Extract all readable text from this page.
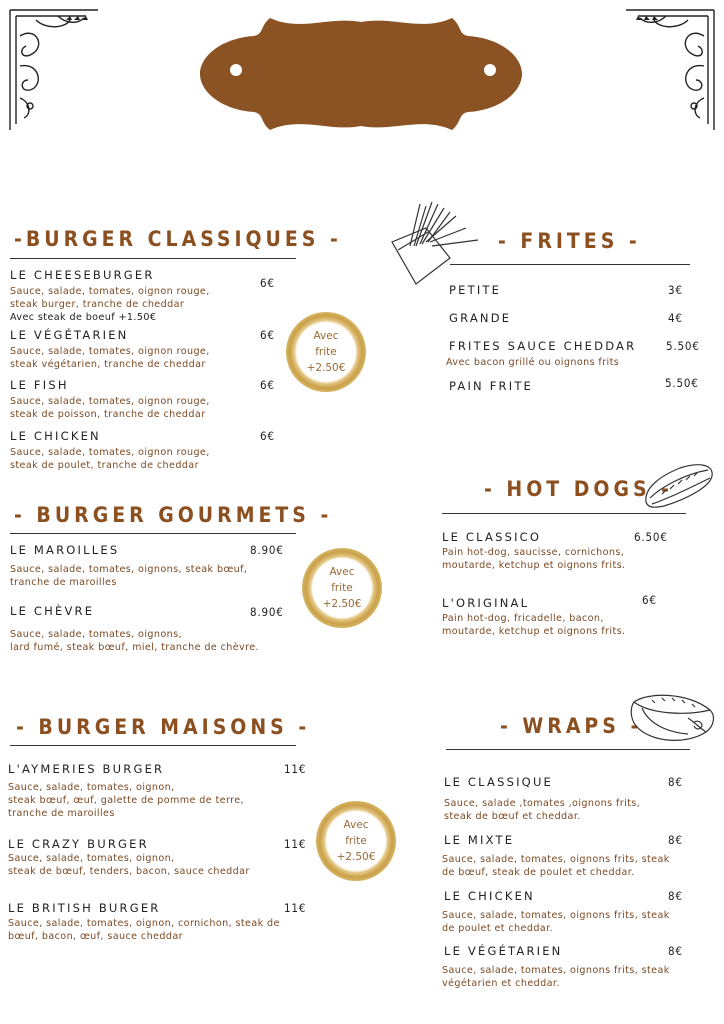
-BURGER CLASSIQUES -
LE CHEESEBURGER
6€
Sauce, salade, tomates, oignon rouge,
steak burger, tranche de cheddar
Avec steak de boeuf +1.50€
LE VÉGÉTARIEN	6€
Sauce, salade, tomates, oignon rouge,
steak végétarien, tranche de cheddar
LE FISH	6€
Sauce, salade, tomates, oignon rouge,
steak de poisson, tranche de cheddar
LE CHICKEN	6€
Sauce, salade, tomates, oignon rouge,
steak de poulet, tranche de cheddar
Avec
frite
+2.50€
- BURGER GOURMETS -
LE MAROILLES	8.90€
Sauce, salade, tomates, oignons, steak bœuf,
tranche de maroilles
LE CHÈVRE	8.90€
Sauce, salade, tomates, oignons,
lard fumé, steak bœuf, miel, tranche de chèvre.
Avec
frite
+2.50€
- BURGER MAISONS -
L'AYMERIES BURGER	11€
Sauce, salade, tomates, oignon,
steak bœuf, œuf, galette de pomme de terre,
tranche de maroilles
LE CRAZY BURGER	11€
Sauce, salade, tomates, oignon,
steak de bœuf, tenders, bacon, sauce cheddar
LE BRITISH BURGER	11€
Sauce, salade, tomates, oignon, cornichon, steak de
bœuf, bacon, œuf, sauce cheddar
Avec
frite
+2.50€
- FRITES -
PETITE	3€
GRANDE	4€
FRITES SAUCE CHEDDAR	5.50€
Avec bacon grillé ou oignons frits
PAIN FRITE	5.50€
- HOT DOGS -
LE CLASSICO	6.50€
Pain hot-dog, saucisse, cornichons,
moutarde, ketchup et oignons frits.
L'ORIGINAL	6€
Pain hot-dog, fricadelle, bacon,
moutarde, ketchup et oignons frits.
- WRAPS -
LE CLASSIQUE	8€
Sauce, salade ,tomates ,oignons frits,
steak de bœuf et cheddar.
LE MIXTE	8€
Sauce, salade, tomates, oignons frits, steak
de bœuf, steak de poulet et cheddar.
LE CHICKEN	8€
Sauce, salade, tomates, oignons frits, steak
de poulet et cheddar.
LE VÉGÉTARIEN	8€
Sauce, salade, tomates, oignons frits, steak
végétarien et cheddar.
